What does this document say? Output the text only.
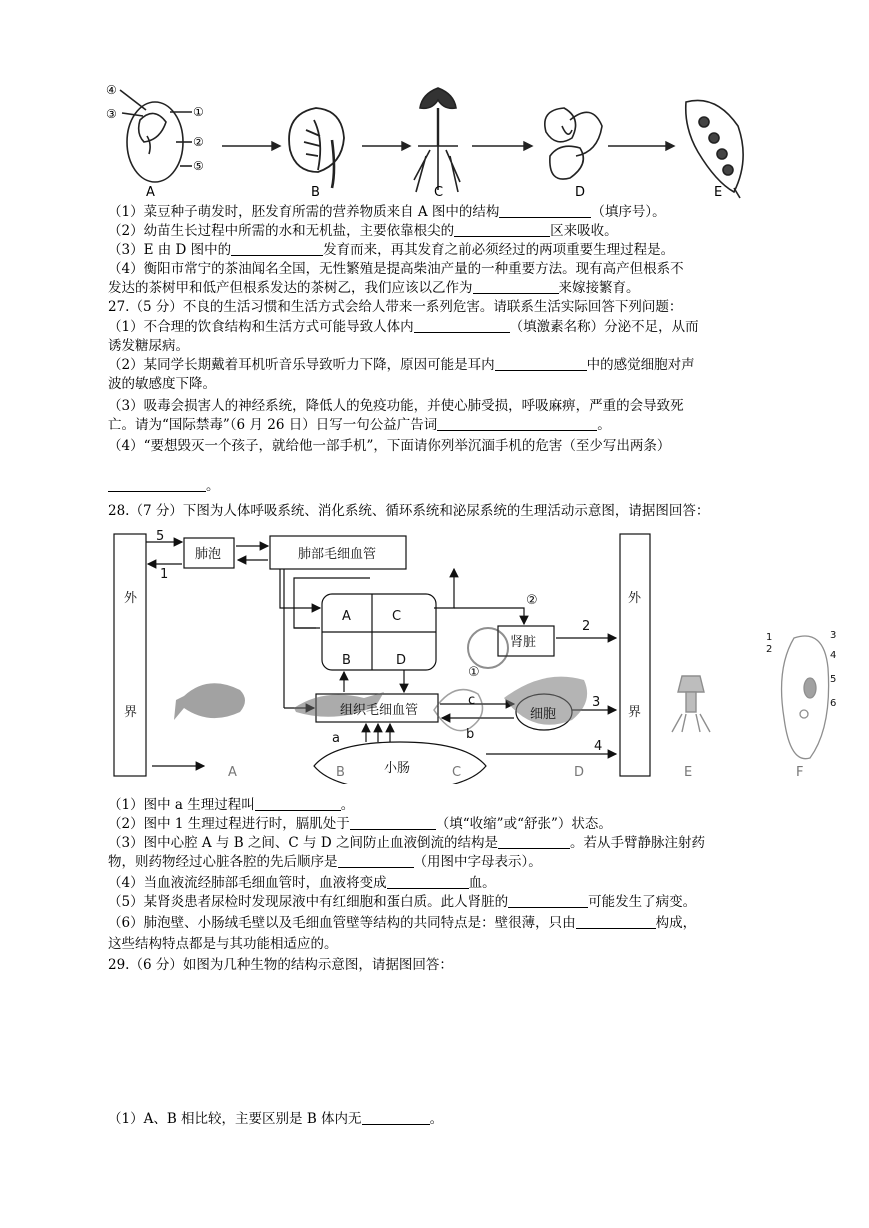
④
③	①
②
⑤
A	B	C	D	E
（1）菜豆种子萌发时，胚发育所需的营养物质来自 A 图中的结构	（填序号）。
（2）幼苗生长过程中所需的水和无机盐，主要依靠根尖的	区来吸收。
（3）E 由 D 图中的	发育而来，再其发育之前必须经过的两项重要生理过程是。
（4）衡阳市常宁的茶油闻名全国，无性繁殖是提高柴油产量的一种重要方法。现有高产但根系不
发达的茶树甲和低产但根系发达的茶树乙，我们应该以乙作为	来嫁接繁育。
27.（5 分）不良的生活习惯和生活方式会给人带来一系列危害。请联系生活实际回答下列问题：
（1）不合理的饮食结构和生活方式可能导致人体内	（填激素名称）分泌不足，从而
诱发糖尿病。
（2）某同学长期戴着耳机听音乐导致听力下降，原因可能是耳内	中的感觉细胞对声
波的敏感度下降。
（3）吸毒会损害人的神经系统，降低人的免疫功能，并使心肺受损，呼吸麻痹，严重的会导致死
亡。请为“国际禁毒”（6 月 26 日）日写一句公益广告词	。
（4）“要想毁灭一个孩子，就给他一部手机”，下面请你列举沉湎手机的危害（至少写出两条）
。
28.（7 分）下图为人体呼吸系统、消化系统、循环系统和泌尿系统的生理活动示意图，请据图回答：
1
2
3
4
5
6
外
界
外
界
肺泡	肺部毛细血管
A
B
C
D
肾脏
组织毛细血管	细胞
小肠
5
1
2
3
4
②
①
a	b
c
A	B	C	D	E	F
（1）图中 a 生理过程叫	。
（2）图中 1 生理过程进行时，膈肌处于	（填“收缩”或“舒张”）状态。
（3）图中心腔 A 与 B 之间、C 与 D 之间防止血液倒流的结构是	。若从手臂静脉注射药
物，则药物经过心脏各腔的先后顺序是	（用图中字母表示）。
（4）当血液流经肺部毛细血管时，血液将变成	血。
（5）某肾炎患者尿检时发现尿液中有红细胞和蛋白质。此人肾脏的	可能发生了病变。
（6）肺泡壁、小肠绒毛壁以及毛细血管壁等结构的共同特点是：壁很薄，只由	构成，
这些结构特点都是与其功能相适应的。
29.（6 分）如图为几种生物的结构示意图，请据图回答：
（1）A、B 相比较，主要区别是 B 体内无	。
